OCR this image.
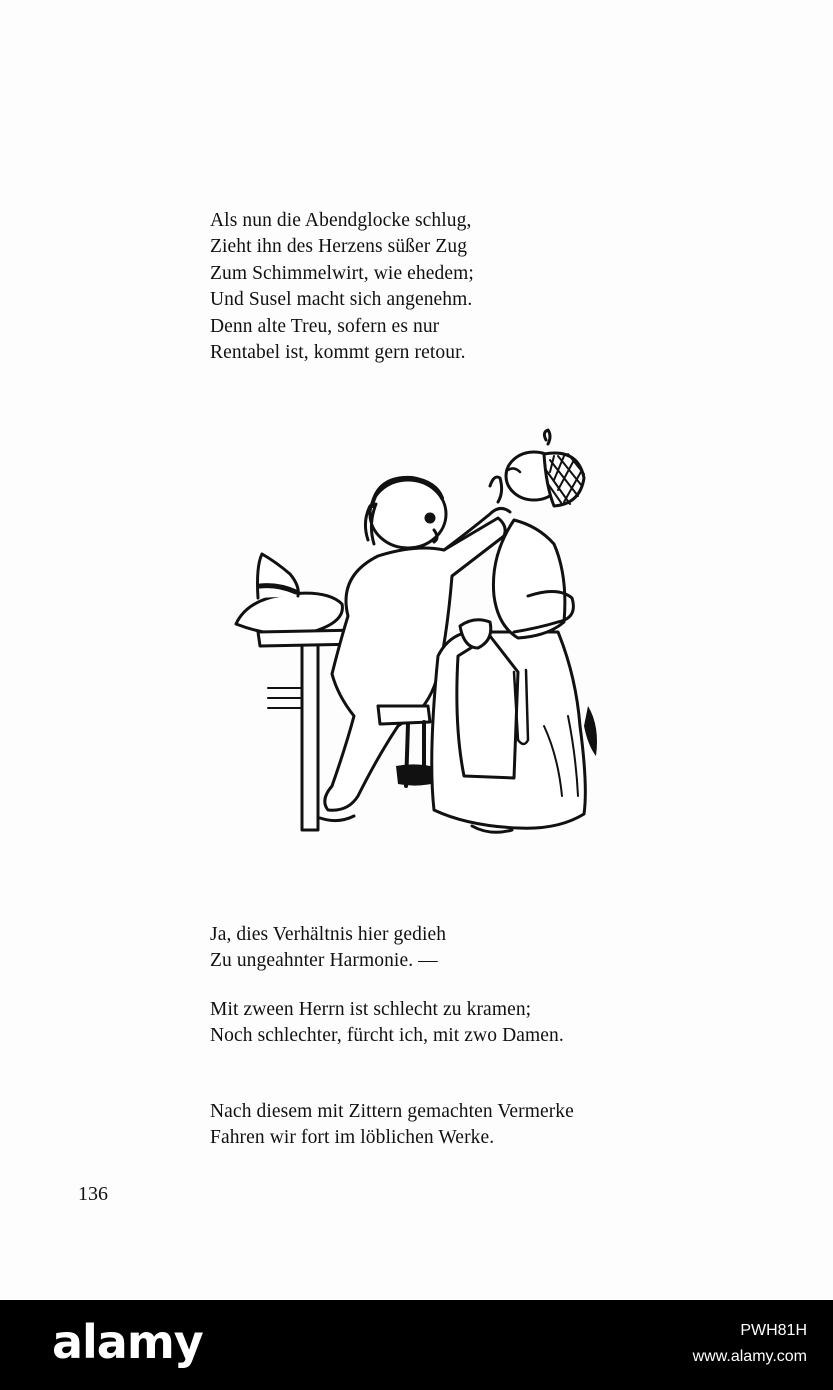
Als nun die Abendglocke schlug,
Zieht ihn des Herzens süßer Zug
Zum Schimmelwirt, wie ehedem;
Und Susel macht sich angenehm.
Denn alte Treu, sofern es nur
Rentabel ist, kommt gern retour.
Ja, dies Verhältnis hier gedieh
Zu ungeahnter Harmonie. —
Mit zween Herrn ist schlecht zu kramen;
Noch schlechter, fürcht ich, mit zwo Damen.
Nach diesem mit Zittern gemachten Vermerke
Fahren wir fort im löblichen Werke.
136
alamy	PWH81H
www.alamy.com
